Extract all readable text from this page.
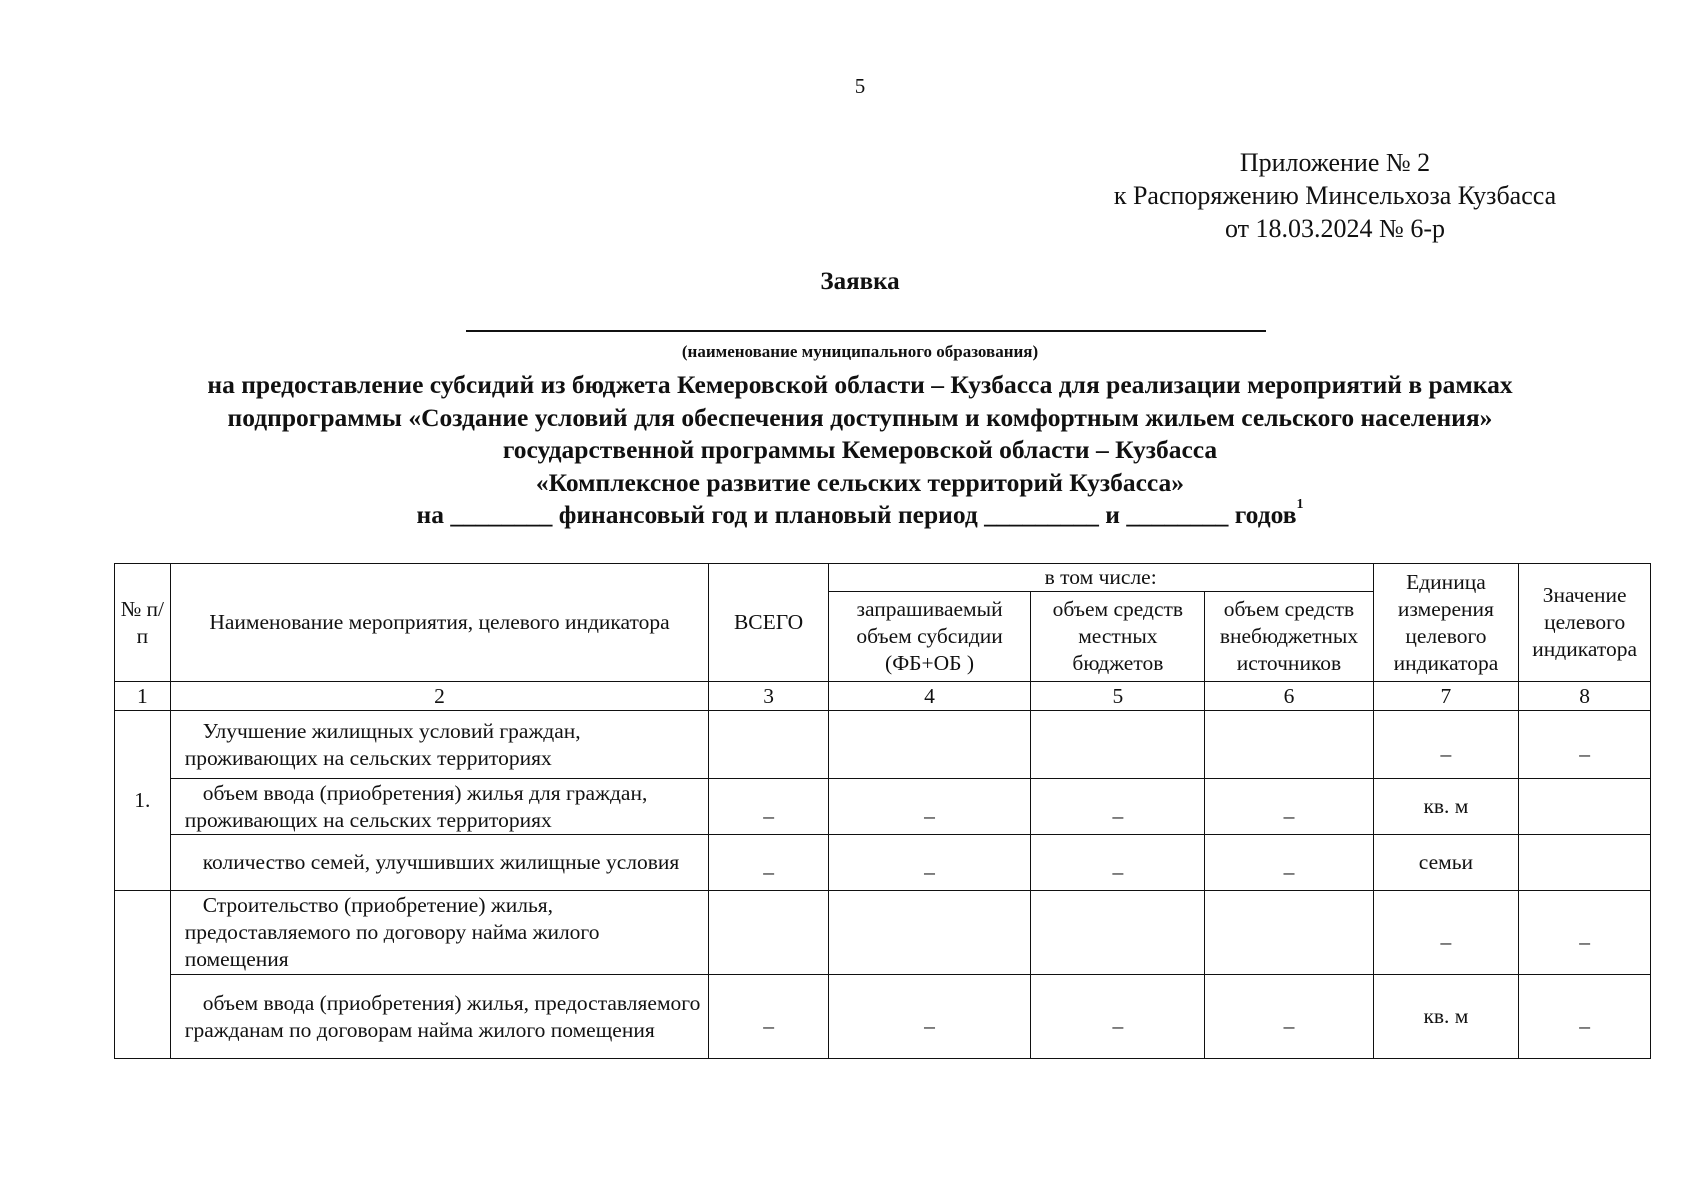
5
Приложение № 2
к Распоряжению Минсельхоза Кузбасса
от 18.03.2024 № 6-р
Заявка
(наименование муниципального образования)
на предоставление субсидий из бюджета Кемеровской области – Кузбасса для реализации мероприятий в рамках
подпрограммы «Создание условий для обеспечения доступным и комфортным жильем сельского населения»
государственной программы Кемеровской области – Кузбасса
«Комплексное развитие сельских территорий Кузбасса»
на ________ финансовый год и плановый период _________ и ________ годов$^1$
№ п/п	Наименование мероприятия, целевого индикатора	ВСЕГО	в том числе:			Единица измерения целевого индикатора	Значение целевого индикатора
			запрашиваемый объем субсидии (ФБ+ОБ )	объем средств местных бюджетов	объем средств внебюджетных источников		
1	2	3	4	5	6	7	8
1.	Улучшение жилищных условий граждан, проживающих на сельских территориях					–	–

	объем ввода (приобретения) жилья для граждан, проживающих на сельских территориях	–	–	–	–	кв. м	

	количество семей, улучшивших жилищные условия	–	–	–	–	семьи	

	Строительство (приобретение) жилья, предоставляемого по договору найма жилого помещения					–	–

	объем ввода (приобретения) жилья, предоставляемого гражданам по договорам найма жилого помещения	–	–	–	–	кв. м	–
